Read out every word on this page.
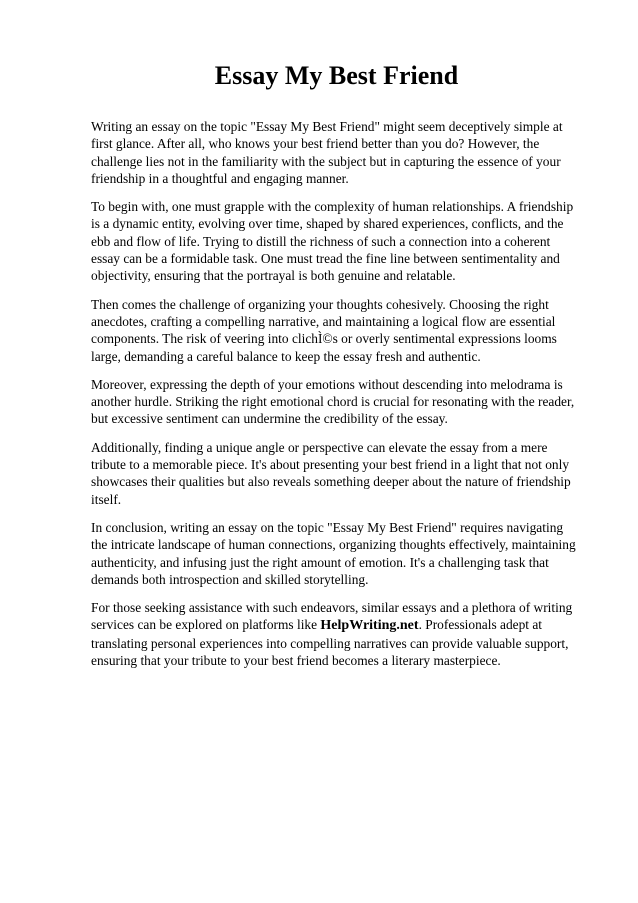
Essay My Best Friend

Writing an essay on the topic "Essay My Best Friend" might seem deceptively simple at first glance. After all, who knows your best friend better than you do? However, the challenge lies not in the familiarity with the subject but in capturing the essence of your friendship in a thoughtful and engaging manner.

To begin with, one must grapple with the complexity of human relationships. A friendship is a dynamic entity, evolving over time, shaped by shared experiences, conflicts, and the ebb and flow of life. Trying to distill the richness of such a connection into a coherent essay can be a formidable task. One must tread the fine line between sentimentality and objectivity, ensuring that the portrayal is both genuine and relatable.

Then comes the challenge of organizing your thoughts cohesively. Choosing the right anecdotes, crafting a compelling narrative, and maintaining a logical flow are essential components. The risk of veering into clichÌ©s or overly sentimental expressions looms large, demanding a careful balance to keep the essay fresh and authentic.

Moreover, expressing the depth of your emotions without descending into melodrama is another hurdle. Striking the right emotional chord is crucial for resonating with the reader, but excessive sentiment can undermine the credibility of the essay.

Additionally, finding a unique angle or perspective can elevate the essay from a mere tribute to a memorable piece. It's about presenting your best friend in a light that not only showcases their qualities but also reveals something deeper about the nature of friendship itself.

In conclusion, writing an essay on the topic "Essay My Best Friend" requires navigating the intricate landscape of human connections, organizing thoughts effectively, maintaining authenticity, and infusing just the right amount of emotion. It's a challenging task that demands both introspection and skilled storytelling.

For those seeking assistance with such endeavors, similar essays and a plethora of writing services can be explored on platforms like HelpWriting.net. Professionals adept at translating personal experiences into compelling narratives can provide valuable support, ensuring that your tribute to your best friend becomes a literary masterpiece.
